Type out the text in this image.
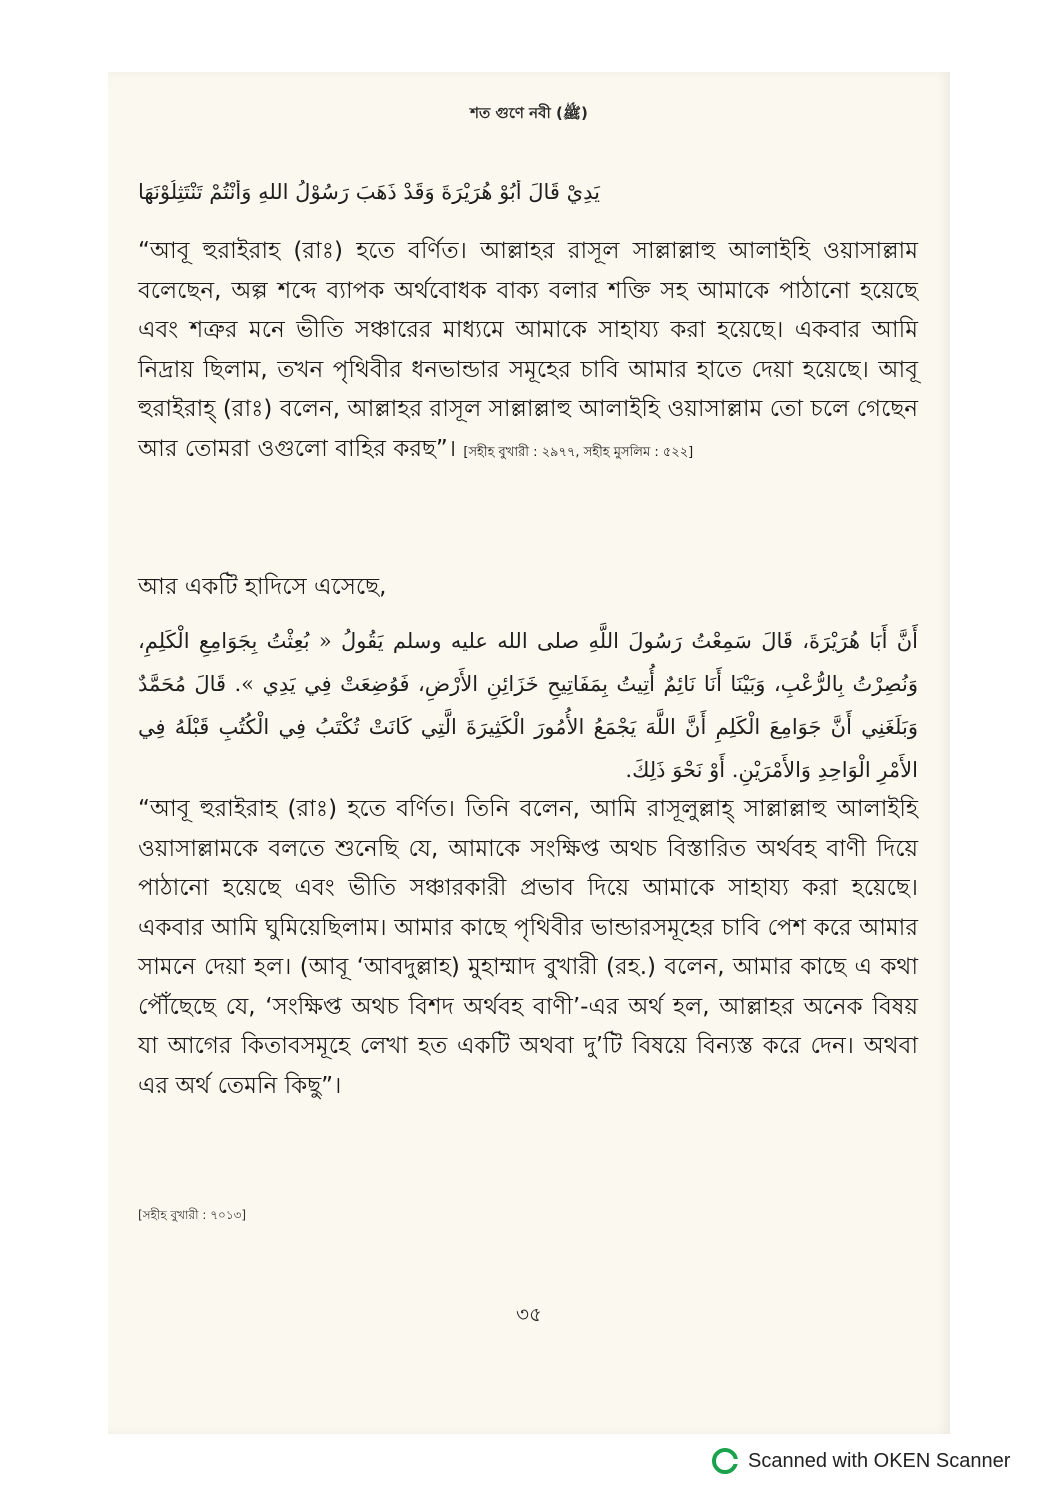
শত গুণে নবী (ﷺ)
يَدِيْ قَالَ أَبُوْ هُرَيْرَةَ وَقَدْ ذَهَبَ رَسُوْلُ اللهِ وَأَنْتُمْ تَنْتَثِلُوْنَهَا

“আবূ হুরাইরাহ (রাঃ) হতে বর্ণিত। আল্লাহর রাসূল সাল্লাল্লাহু আলাইহি ওয়াসাল্লাম বলেছেন, অল্প শব্দে ব্যাপক অর্থবোধক বাক্য বলার শক্তি সহ আমাকে পাঠানো হয়েছে এবং শত্রুর মনে ভীতি সঞ্চারের মাধ্যমে আমাকে সাহায্য করা হয়েছে। একবার আমি নিদ্রায় ছিলাম, তখন পৃথিবীর ধনভান্ডার সমূহের চাবি আমার হাতে দেয়া হয়েছে। আবূ হুরাইরাহ্ (রাঃ) বলেন, আল্লাহর রাসূল সাল্লাল্লাহু আলাইহি ওয়াসাল্লাম তো চলে গেছেন আর তোমরা ওগুলো বাহির করছ”। [সহীহ বুখারী : ২৯৭৭, সহীহ মুসলিম : ৫২২]

আর একটি হাদিসে এসেছে,

أَنَّ أَبَا هُرَيْرَةَ، قَالَ سَمِعْتُ رَسُولَ اللَّهِ صلى الله عليه وسلم يَقُولُ « بُعِثْتُ بِجَوَامِعِ الْكَلِمِ، وَنُصِرْتُ بِالرُّعْبِ، وَبَيْنَا أَنَا نَائِمٌ أُتِيتُ بِمَفَاتِيحِ خَزَائِنِ الأَرْضِ، فَوُضِعَتْ فِي يَدِي ». قَالَ مُحَمَّدٌ وَبَلَغَنِي أَنَّ جَوَامِعَ الْكَلِمِ أَنَّ اللَّهَ يَجْمَعُ الأُمُورَ الْكَثِيرَةَ الَّتِي كَانَتْ تُكْتَبُ فِي الْكُتُبِ قَبْلَهُ فِي الأَمْرِ الْوَاحِدِ وَالأَمْرَيْنِ. أَوْ نَحْوَ ذَلِكَ.

“আবূ হুরাইরাহ (রাঃ) হতে বর্ণিত। তিনি বলেন, আমি রাসূলুল্লাহ্ সাল্লাল্লাহু আলাইহি ওয়াসাল্লামকে বলতে শুনেছি যে, আমাকে সংক্ষিপ্ত অথচ বিস্তারিত অর্থবহ বাণী দিয়ে পাঠানো হয়েছে এবং ভীতি সঞ্চারকারী প্রভাব দিয়ে আমাকে সাহায্য করা হয়েছে। একবার আমি ঘুমিয়েছিলাম। আমার কাছে পৃথিবীর ভান্ডারসমূহের চাবি পেশ করে আমার সামনে দেয়া হল। (আবূ ‘আবদুল্লাহ) মুহাম্মাদ বুখারী (রহ.) বলেন, আমার কাছে এ কথা পৌঁছেছে যে, ‘সংক্ষিপ্ত অথচ বিশদ অর্থবহ বাণী’-এর অর্থ হল, আল্লাহর অনেক বিষয় যা আগের কিতাবসমূহে লেখা হত একটি অথবা দু’টি বিষয়ে বিন্যস্ত করে দেন। অথবা এর অর্থ তেমনি কিছু”।

[সহীহ বুখারী : ৭০১৩]

৩৫
Scanned with OKEN Scanner
